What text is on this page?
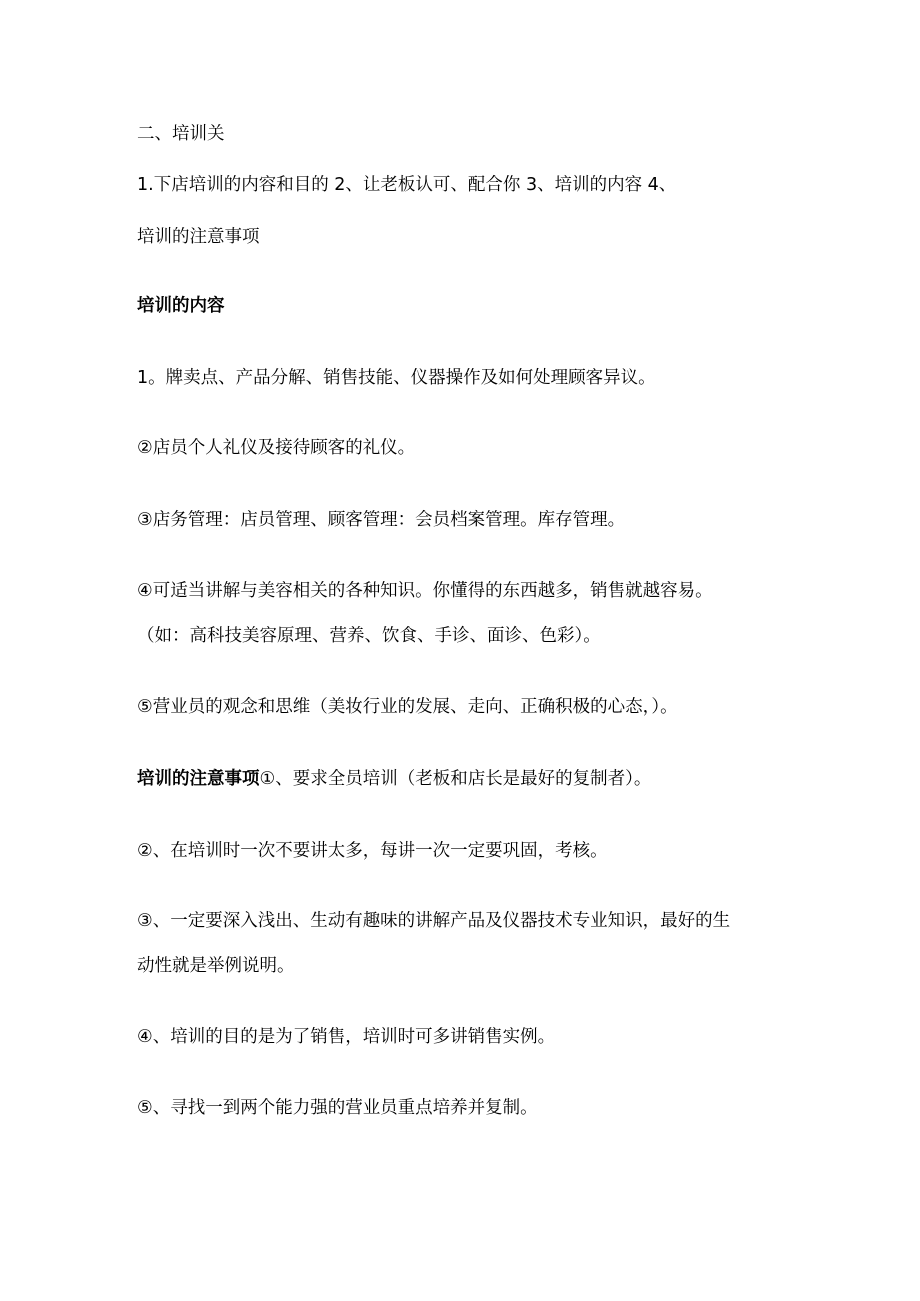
二、培训关

1.下店培训的内容和目的 2、让老板认可、配合你 3、培训的内容 4、

培训的注意事项

培训的内容

1。牌卖点、产品分解、销售技能、仪器操作及如何处理顾客异议。

②店员个人礼仪及接待顾客的礼仪。

③店务管理：店员管理、顾客管理：会员档案管理。库存管理。

④可适当讲解与美容相关的各种知识。你懂得的东西越多，销售就越容易。

（如：高科技美容原理、营养、饮食、手诊、面诊、色彩）。

⑤营业员的观念和思维（美妆行业的发展、走向、正确积极的心态，）。

培训的注意事项①、要求全员培训（老板和店长是最好的复制者）。

②、在培训时一次不要讲太多，每讲一次一定要巩固，考核。

③、一定要深入浅出、生动有趣味的讲解产品及仪器技术专业知识，最好的生

动性就是举例说明。

④、培训的目的是为了销售，培训时可多讲销售实例。

⑤、寻找一到两个能力强的营业员重点培养并复制。
